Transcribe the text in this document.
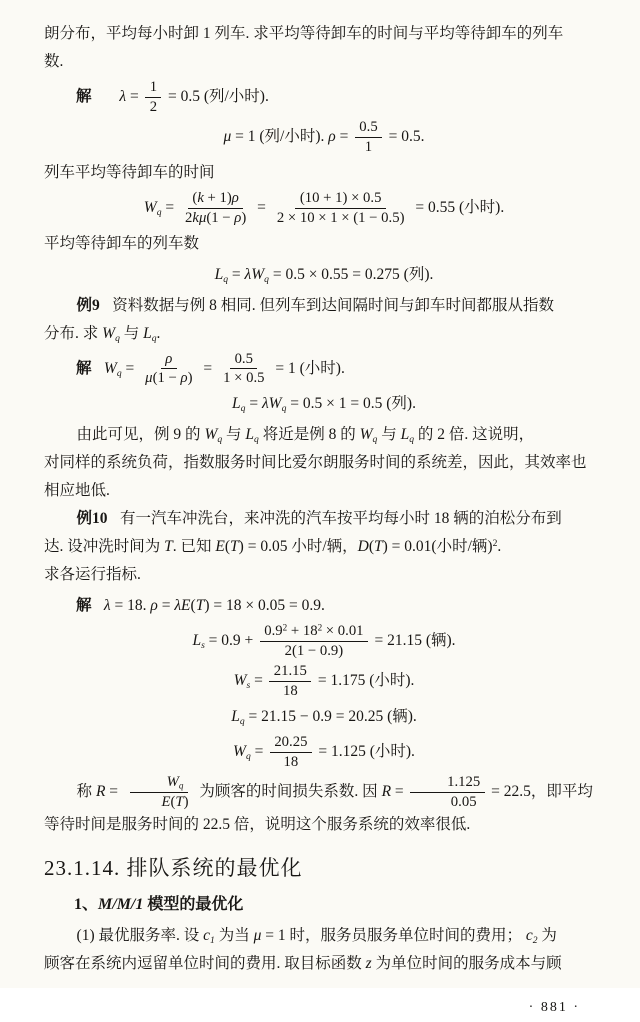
朗分布，平均每小时卸 1 列车. 求平均等待卸车的时间与平均等待卸车的列车
数.
解　 $\lambda = \frac{1}{2} = 0.5$ (列/小时).
μ = 1 (列/小时). $\rho = \frac{0.5}{1} = 0.5$.
列车平均等待卸车的时间
$W_q = \frac{(k + 1)\rho}{2k\mu(1 - \rho)} = \frac{(10 + 1) \times 0.5}{2 \times 10 \times 1 \times (1 - 0.5)} = 0.55$ (小时).
平均等待卸车的列车数
$L_q = \lambda W_q = 0.5 \times 0.55 = 0.275$ (列).
例9 资料数据与例 8 相同. 但列车到达间隔时间与卸车时间都服从指数
分布. 求 $W_q$ 与 $L_q$.
解 $W_q = \frac{\rho}{\mu(1 - \rho)} = \frac{0.5}{1 \times 0.5} = 1$ (小时).
$L_q = \lambda W_q = 0.5 \times 1 = 0.5$ (列).
由此可见，例 9 的 $W_q$ 与 $L_q$ 将近是例 8 的 $W_q$ 与 $L_q$ 的 2 倍. 这说明，
对同样的系统负荷，指数服务时间比爱尔朗服务时间的系统差，因此，其效率也
相应地低.
例10 有一汽车冲洗台，来冲洗的汽车按平均每小时 18 辆的泊松分布到
达. 设冲洗时间为 T. 已知 E(T) = 0.05 小时/辆，D(T) = 0.01(小时/辆)$^2$.
求各运行指标.
解 λ = 18. ρ = λE(T) = 18 × 0.05 = 0.9.
$L_s = 0.9 + \frac{0.9^2 + 18^2 \times 0.01}{2(1 - 0.9)} = 21.15$ (辆).
$W_s = \frac{21.15}{18} = 1.175$ (小时).
$L_q = 21.15 - 0.9 = 20.25$ (辆).
$W_q = \frac{20.25}{18} = 1.125$ (小时).
称 $R = \frac{W_q}{E(T)}$ 为顾客的时间损失系数. 因 $R = \frac{1.125}{0.05} = 22.5$，即平均
等待时间是服务时间的 22.5 倍，说明这个服务系统的效率很低.
23.1.14. 排队系统的最优化
1、M/M/1 模型的最优化
(1) 最优服务率. 设 $c_1$ 为当 μ = 1 时，服务员服务单位时间的费用； $c_2$ 为
顾客在系统内逗留单位时间的费用. 取目标函数 z 为单位时间的服务成本与顾
· 881 ·
